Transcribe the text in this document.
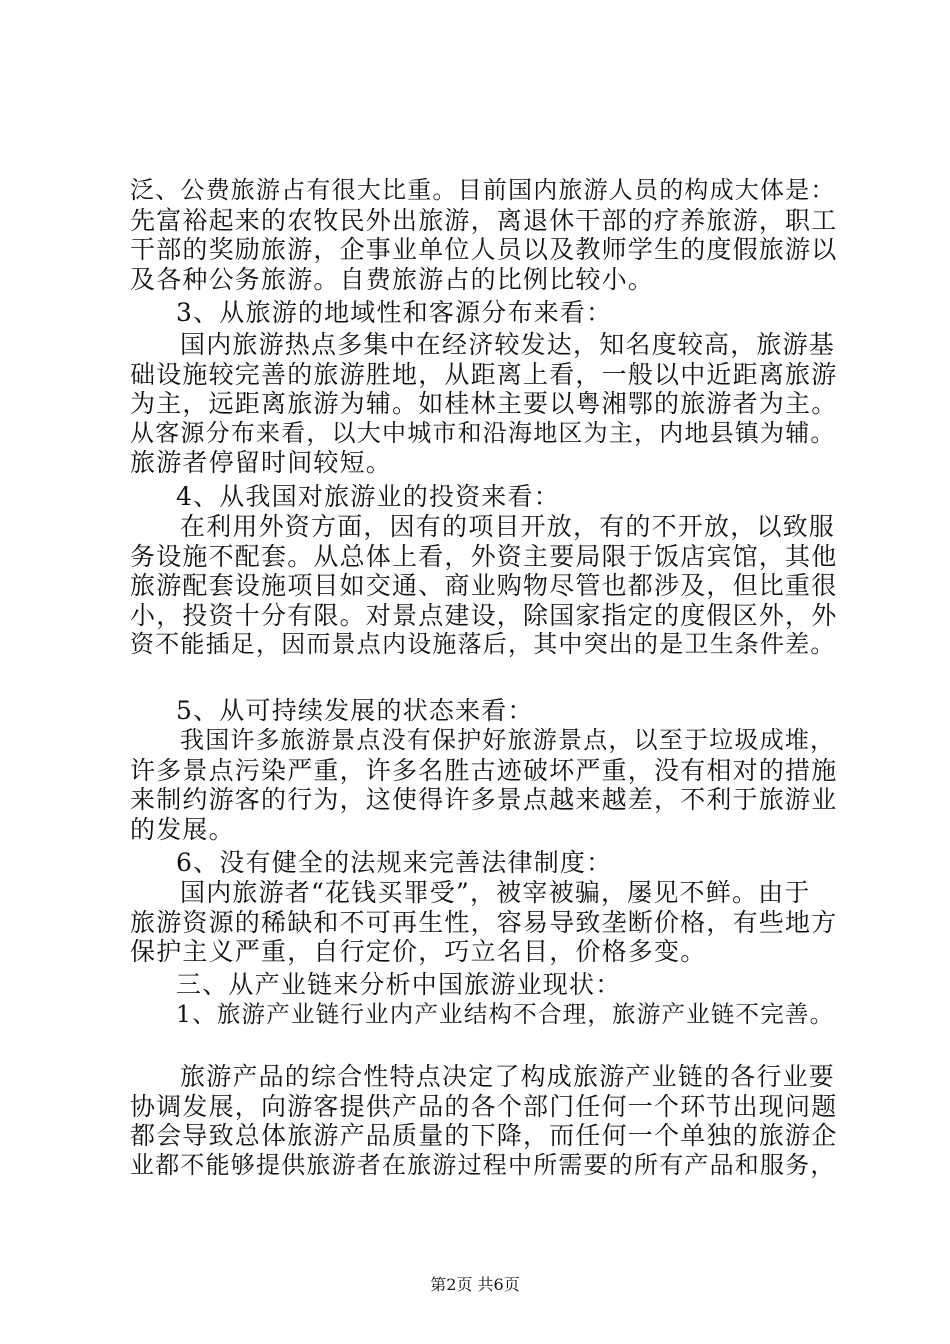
泛、公费旅游占有很大比重。目前国内旅游人员的构成大体是：
先富裕起来的农牧民外出旅游，离退休干部的疗养旅游，职工
干部的奖励旅游，企事业单位人员以及教师学生的度假旅游以
及各种公务旅游。自费旅游占的比例比较小。
3、从旅游的地域性和客源分布来看：
国内旅游热点多集中在经济较发达，知名度较高，旅游基
础设施较完善的旅游胜地，从距离上看，一般以中近距离旅游
为主，远距离旅游为辅。如桂林主要以粤湘鄂的旅游者为主。
从客源分布来看，以大中城市和沿海地区为主，内地县镇为辅。
旅游者停留时间较短。
4、从我国对旅游业的投资来看：
在利用外资方面，因有的项目开放，有的不开放，以致服
务设施不配套。从总体上看，外资主要局限于饭店宾馆，其他
旅游配套设施项目如交通、商业购物尽管也都涉及，但比重很
小，投资十分有限。对景点建设，除国家指定的度假区外，外
资不能插足，因而景点内设施落后，其中突出的是卫生条件差。
5、从可持续发展的状态来看：
我国许多旅游景点没有保护好旅游景点，以至于垃圾成堆，
许多景点污染严重，许多名胜古迹破坏严重，没有相对的措施
来制约游客的行为，这使得许多景点越来越差，不利于旅游业
的发展。
6、没有健全的法规来完善法律制度：
国内旅游者“花钱买罪受”，被宰被骗，屡见不鲜。由于
旅游资源的稀缺和不可再生性，容易导致垄断价格，有些地方
保护主义严重，自行定价，巧立名目，价格多变。
三、从产业链来分析中国旅游业现状：
1、旅游产业链行业内产业结构不合理，旅游产业链不完善。
旅游产品的综合性特点决定了构成旅游产业链的各行业要
协调发展，向游客提供产品的各个部门任何一个环节出现问题
都会导致总体旅游产品质量的下降，而任何一个单独的旅游企
业都不能够提供旅游者在旅游过程中所需要的所有产品和服务，
第2页 共6页
